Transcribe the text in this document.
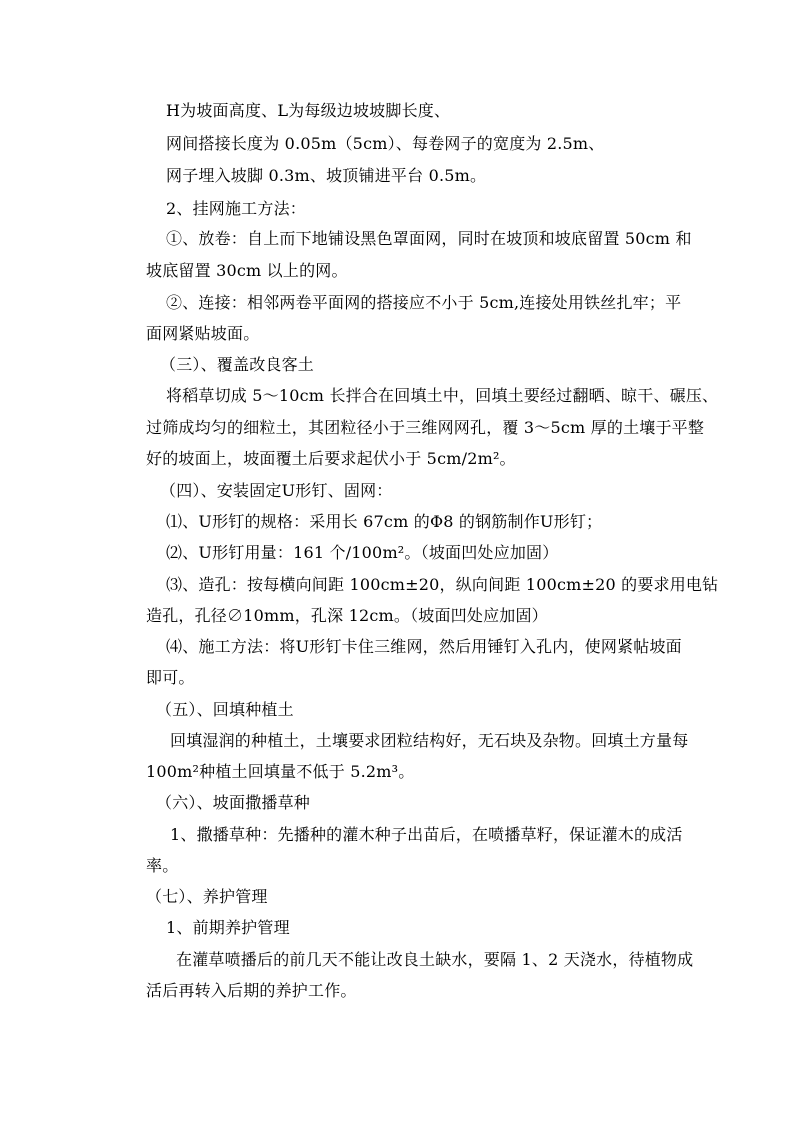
H为坡面高度、L为每级边坡坡脚长度、
网间搭接长度为 0.05m（5cm）、每卷网子的宽度为 2.5m、
网子埋入坡脚 0.3m、坡顶铺进平台 0.5m。
2、挂网施工方法：
①、放卷：自上而下地铺设黑色罩面网，同时在坡顶和坡底留置 50cm 和
坡底留置 30cm 以上的网。
②、连接：相邻两卷平面网的搭接应不小于 5cm,连接处用铁丝扎牢；平
面网紧贴坡面。
（三）、覆盖改良客土
将稻草切成 5～10cm 长拌合在回填土中，回填土要经过翻晒、晾干、碾压、
过筛成均匀的细粒土，其团粒径小于三维网网孔，覆 3～5cm 厚的土壤于平整
好的坡面上，坡面覆土后要求起伏小于 5cm/2m²。
（四）、安装固定U形钉、固网：
⑴、U形钉的规格：采用长 67cm 的Φ8 的钢筋制作U形钉；
⑵、U形钉用量：161 个/100m²。（坡面凹处应加固）
⑶、造孔：按每横向间距 100cm±20，纵向间距 100cm±20 的要求用电钻
造孔，孔径∅10mm，孔深 12cm。（坡面凹处应加固）
⑷、施工方法：将U形钉卡住三维网，然后用锤钉入孔内，使网紧帖坡面
即可。
（五）、回填种植土
回填湿润的种植土，土壤要求团粒结构好，无石块及杂物。回填土方量每
100m²种植土回填量不低于 5.2m³。
（六）、坡面撒播草种
1、撒播草种：先播种的灌木种子出苗后，在喷播草籽，保证灌木的成活
率。
（七）、养护管理
1、前期养护管理
在灌草喷播后的前几天不能让改良土缺水，要隔 1、2 天浇水，待植物成
活后再转入后期的养护工作。
